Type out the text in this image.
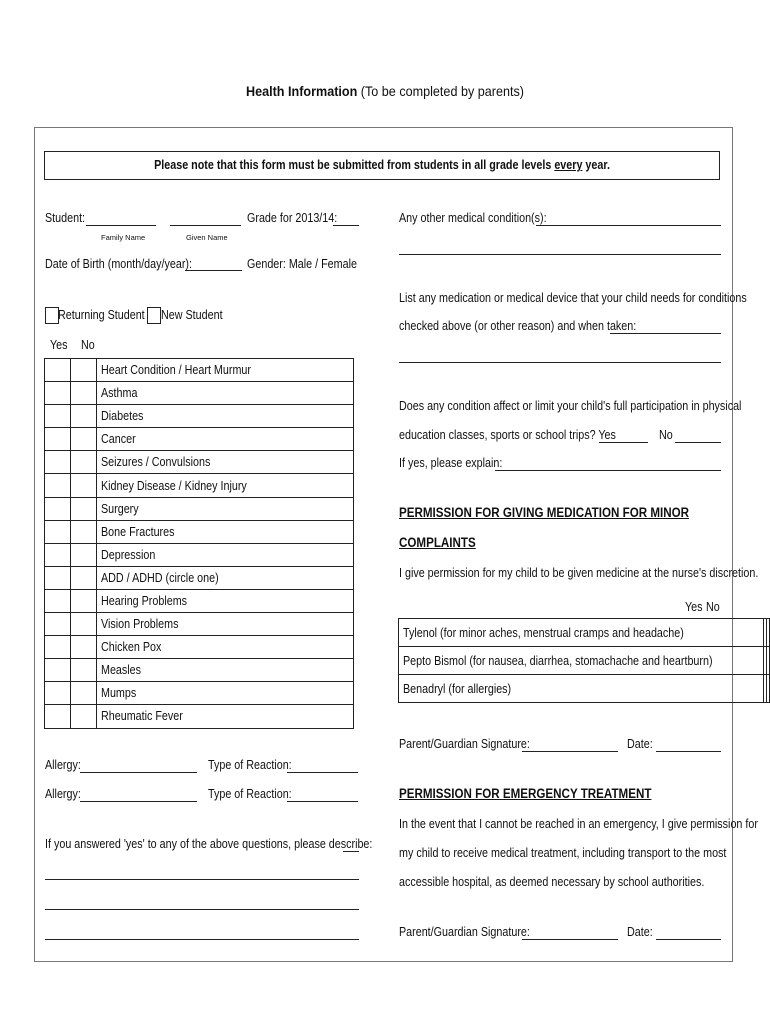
Health Information (To be completed by parents)
Please note that this form must be submitted from students in all grade levels every year.
Student:
Family Name	Given Name
Grade for 2013/14:
Date of Birth (month/day/year):	Gender: Male / Female
Returning Student New Student
Yes No
		Heart Condition / Heart Murmur
		Asthma
		Diabetes
		Cancer
		Seizures / Convulsions
		Kidney Disease / Kidney Injury
		Surgery
		Bone Fractures
		Depression
		ADD / ADHD (circle one)
		Hearing Problems
		Vision Problems
		Chicken Pox
		Measles
		Mumps
		Rheumatic Fever
Allergy:	Type of Reaction:
Allergy:	Type of Reaction:
If you answered 'yes' to any of the above questions, please describe:
Any other medical condition(s):
List any medication or medical device that your child needs for conditions
checked above (or other reason) and when taken:
Does any condition affect or limit your child's full participation in physical
education classes, sports or school trips? Yes	No
If yes, please explain:
PERMISSION FOR GIVING MEDICATION FOR MINOR
COMPLAINTS
I give permission for my child to be given medicine at the nurse's discretion.
Yes No
Tylenol (for minor aches, menstrual cramps and headache)		
Pepto Bismol (for nausea, diarrhea, stomachache and heartburn)		
Benadryl (for allergies)		
Parent/Guardian Signature:	Date:
PERMISSION FOR EMERGENCY TREATMENT
In the event that I cannot be reached in an emergency, I give permission for
my child to receive medical treatment, including transport to the most
accessible hospital, as deemed necessary by school authorities.
Parent/Guardian Signature:	Date:
